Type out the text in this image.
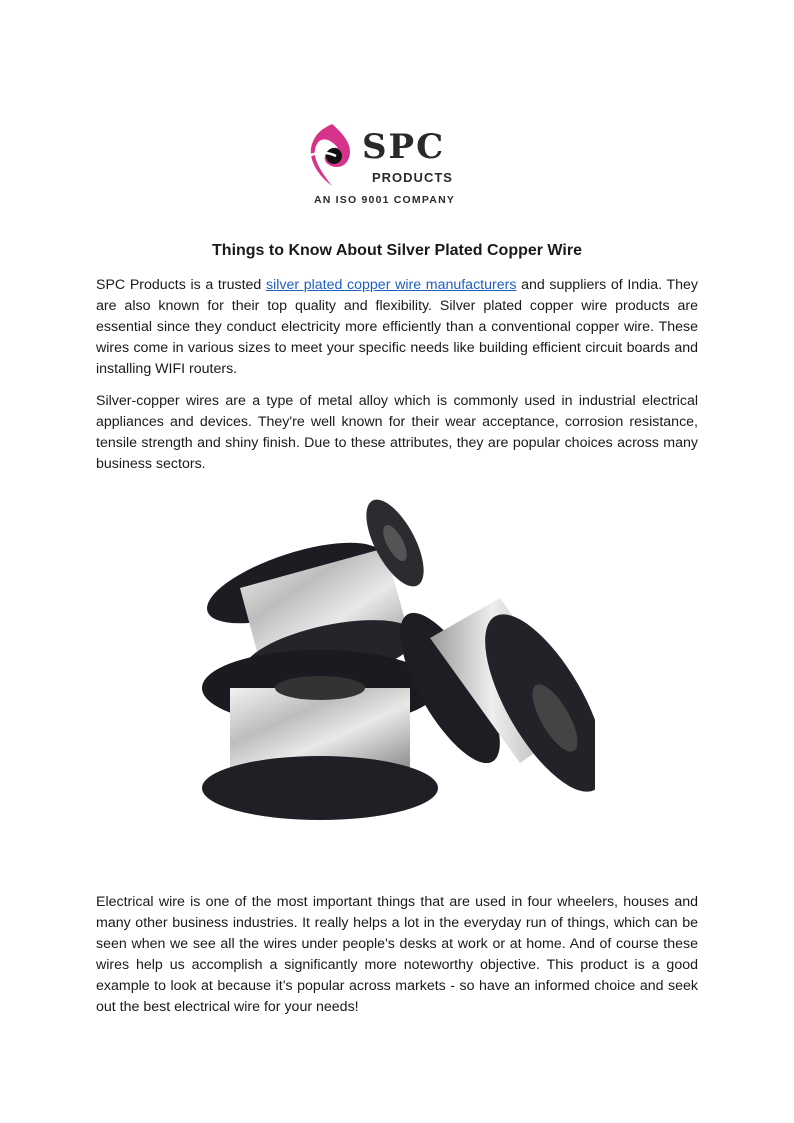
SPC
PRODUCTS
AN ISO 9001 COMPANY
Things to Know About Silver Plated Copper Wire
SPC Products is a trusted silver plated copper wire manufacturers and suppliers of India. They are also known for their top quality and flexibility. Silver plated copper wire products are essential since they conduct electricity more efficiently than a conventional copper wire. These wires come in various sizes to meet your specific needs like building efficient circuit boards and installing WIFI routers.
Silver-copper wires are a type of metal alloy which is commonly used in industrial electrical appliances and devices. They're well known for their wear acceptance, corrosion resistance, tensile strength and shiny finish. Due to these attributes, they are popular choices across many business sectors.
Electrical wire is one of the most important things that are used in four wheelers, houses and many other business industries. It really helps a lot in the everyday run of things, which can be seen when we see all the wires under people's desks at work or at home. And of course these wires help us accomplish a significantly more noteworthy objective. This product is a good example to look at because it’s popular across markets - so have an informed choice and seek out the best electrical wire for your needs!
